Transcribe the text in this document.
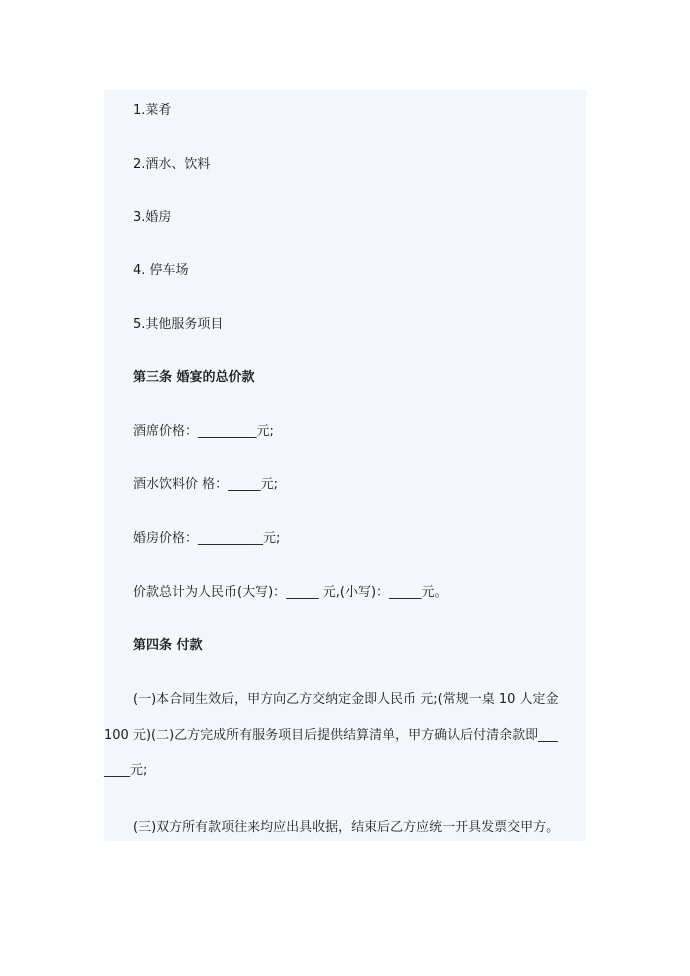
1.菜肴
2.酒水、饮料
3.婚房
4. 停车场
5.其他服务项目
第三条 婚宴的总价款
酒席价格：_________元;
酒水饮料价 格：_____元;
婚房价格：__________元;
价款总计为人民币(大写)：_____ 元,(小写)：_____元。
第四条 付款
(一)本合同生效后，甲方向乙方交纳定金即人民币 元;(常规一桌 10 人定金
100 元)(二)乙方完成所有服务项目后提供结算清单，甲方确认后付清余款即___
____元;
(三)双方所有款项往来均应出具收据，结束后乙方应统一开具发票交甲方。
